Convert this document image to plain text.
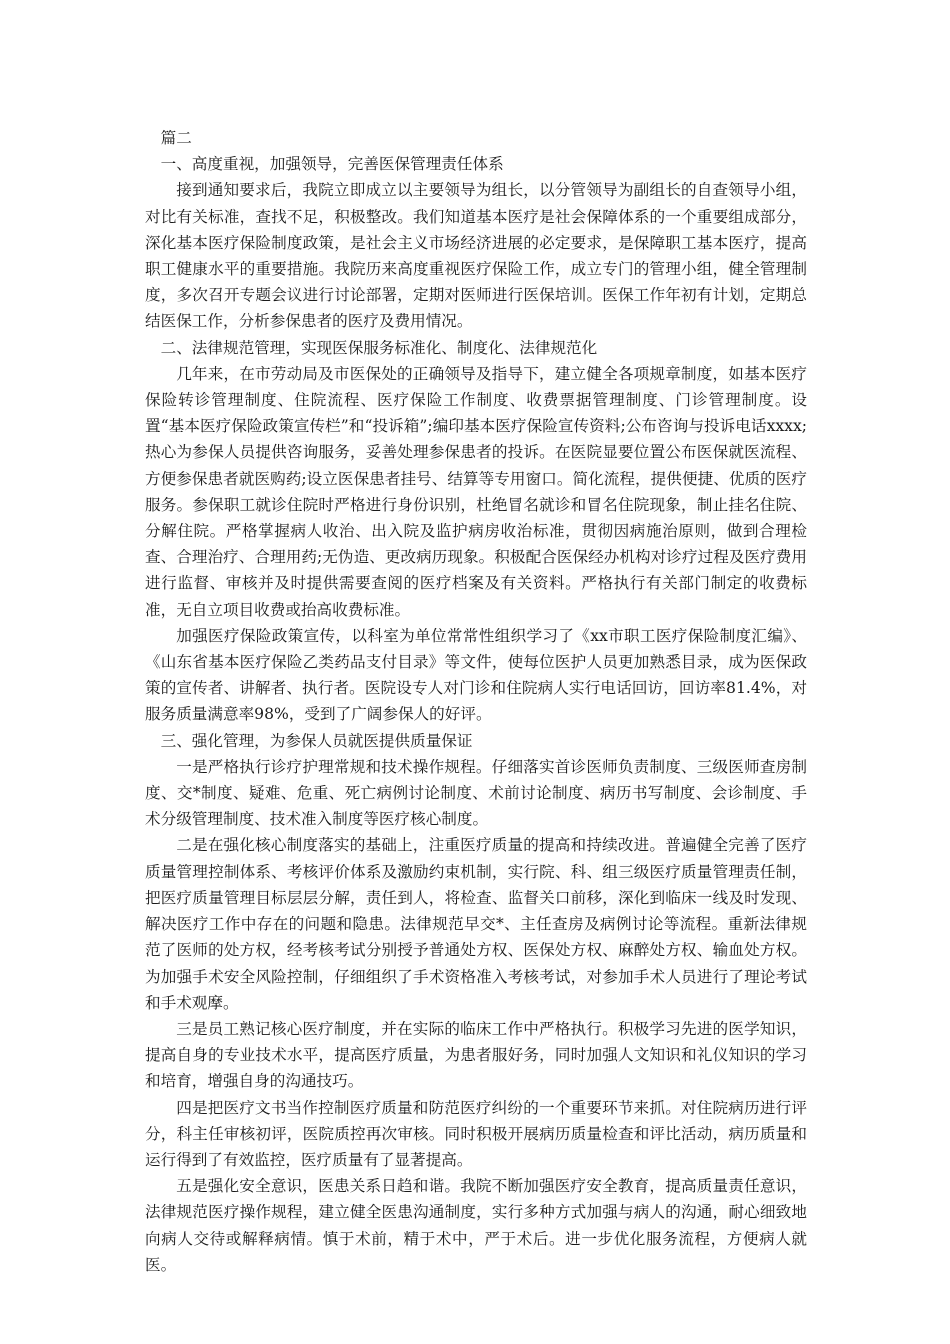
篇二

一、高度重视，加强领导，完善医保管理责任体系

接到通知要求后，我院立即成立以主要领导为组长，以分管领导为副组长的自查领导小组，对比有关标准，查找不足，积极整改。我们知道基本医疗是社会保障体系的一个重要组成部分，深化基本医疗保险制度政策，是社会主义市场经济进展的必定要求，是保障职工基本医疗，提高职工健康水平的重要措施。我院历来高度重视医疗保险工作，成立专门的管理小组，健全管理制度，多次召开专题会议进行讨论部署，定期对医师进行医保培训。医保工作年初有计划，定期总结医保工作，分析参保患者的医疗及费用情况。

二、法律规范管理，实现医保服务标准化、制度化、法律规范化

几年来，在市劳动局及市医保处的正确领导及指导下，建立健全各项规章制度，如基本医疗保险转诊管理制度、住院流程、医疗保险工作制度、收费票据管理制度、门诊管理制度。设置“基本医疗保险政策宣传栏”和“投诉箱”;编印基本医疗保险宣传资料;公布咨询与投诉电话xxxx;热心为参保人员提供咨询服务，妥善处理参保患者的投诉。在医院显要位置公布医保就医流程、方便参保患者就医购药;设立医保患者挂号、结算等专用窗口。简化流程，提供便捷、优质的医疗服务。参保职工就诊住院时严格进行身份识别，杜绝冒名就诊和冒名住院现象，制止挂名住院、分解住院。严格掌握病人收治、出入院及监护病房收治标准，贯彻因病施治原则，做到合理检查、合理治疗、合理用药;无伪造、更改病历现象。积极配合医保经办机构对诊疗过程及医疗费用进行监督、审核并及时提供需要查阅的医疗档案及有关资料。严格执行有关部门制定的收费标准，无自立项目收费或抬高收费标准。

加强医疗保险政策宣传，以科室为单位常常性组织学习了《xx市职工医疗保险制度汇编》、《山东省基本医疗保险乙类药品支付目录》等文件，使每位医护人员更加熟悉目录，成为医保政策的宣传者、讲解者、执行者。医院设专人对门诊和住院病人实行电话回访，回访率81.4%，对服务质量满意率98%，受到了广阔参保人的好评。

三、强化管理，为参保人员就医提供质量保证

一是严格执行诊疗护理常规和技术操作规程。仔细落实首诊医师负责制度、三级医师查房制度、交*制度、疑难、危重、死亡病例讨论制度、术前讨论制度、病历书写制度、会诊制度、手术分级管理制度、技术准入制度等医疗核心制度。

二是在强化核心制度落实的基础上，注重医疗质量的提高和持续改进。普遍健全完善了医疗质量管理控制体系、考核评价体系及激励约束机制，实行院、科、组三级医疗质量管理责任制，把医疗质量管理目标层层分解，责任到人，将检查、监督关口前移，深化到临床一线及时发现、解决医疗工作中存在的问题和隐患。法律规范早交*、主任查房及病例讨论等流程。重新法律规范了医师的处方权，经考核考试分别授予普通处方权、医保处方权、麻醉处方权、输血处方权。为加强手术安全风险控制，仔细组织了手术资格准入考核考试，对参加手术人员进行了理论考试和手术观摩。

三是员工熟记核心医疗制度，并在实际的临床工作中严格执行。积极学习先进的医学知识，提高自身的专业技术水平，提高医疗质量，为患者服好务，同时加强人文知识和礼仪知识的学习和培育，增强自身的沟通技巧。

四是把医疗文书当作控制医疗质量和防范医疗纠纷的一个重要环节来抓。对住院病历进行评分，科主任审核初评，医院质控再次审核。同时积极开展病历质量检查和评比活动，病历质量和运行得到了有效监控，医疗质量有了显著提高。

五是强化安全意识，医患关系日趋和谐。我院不断加强医疗安全教育，提高质量责任意识，法律规范医疗操作规程，建立健全医患沟通制度，实行多种方式加强与病人的沟通，耐心细致地向病人交待或解释病情。慎于术前，精于术中，严于术后。进一步优化服务流程，方便病人就医。
